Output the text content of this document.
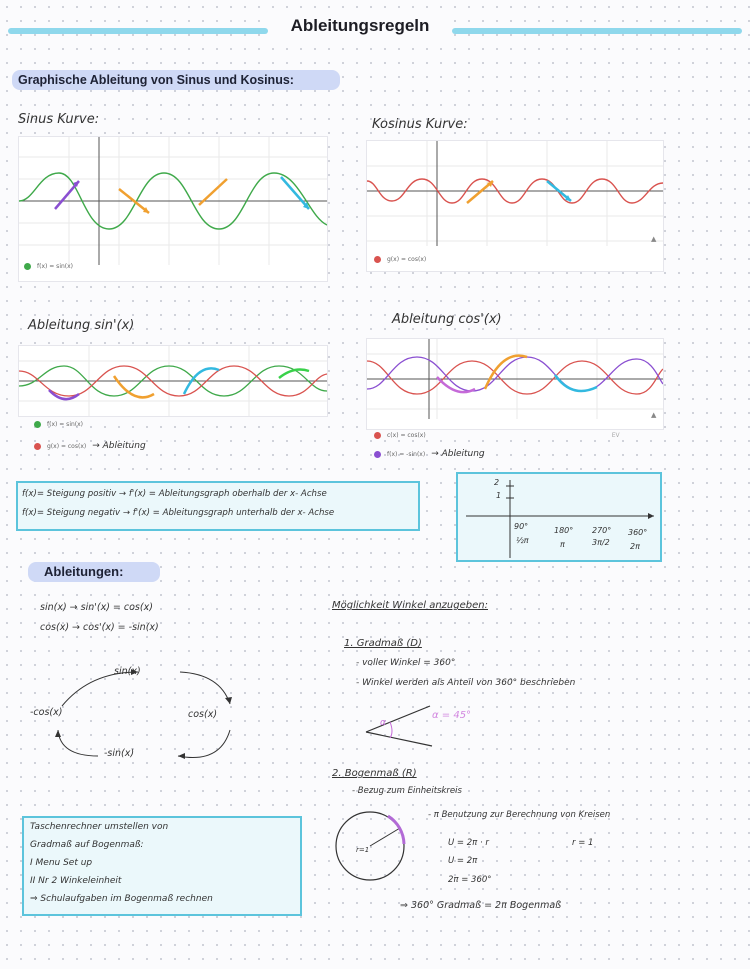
Ableitungsregeln
Graphische Ableitung von Sinus und Kosinus:
Sinus Kurve:
f(x) = sin(x)
Kosinus Kurve:
▲
g(x) = cos(x)
Ableitung sin'(x)
f(x) = sin(x)
g(x) = cos(x) → Ableitung
Ableitung cos'(x)
▲
c(x) = cos(x)	EV
f(x) = -sin(x) → Ableitung
f(x)= Steigung positiv → f'(x) = Ableitungsgraph oberhalb der x- Achse
f(x)= Steigung negativ → f'(x) = Ableitungsgraph unterhalb der x- Achse
2
1
90°
½π
180°
π
270°
3π/2
360°
2π
Ableitungen:
sin(x) → sin'(x) = cos(x)
cos(x) → cos'(x) = -sin(x)
sin(x)
cos(x)
-sin(x)
-cos(x)
Möglichkeit Winkel anzugeben:
1. Gradmaß (D)
- voller Winkel = 360°
- Winkel werden als Anteil von 360° beschrieben
α
α = 45°
2. Bogenmaß (R)
- Bezug zum Einheitskreis
r=1
- π Benutzung zur Berechnung von Kreisen
r = 1
U = 2π · r
U = 2π
2π = 360°
⇒ 360° Gradmaß = 2π Bogenmaß
Taschenrechner umstellen von
Gradmaß auf Bogenmaß:
I Menu Set up
II Nr 2 Winkeleinheit
⇒ Schulaufgaben im Bogenmaß rechnen
